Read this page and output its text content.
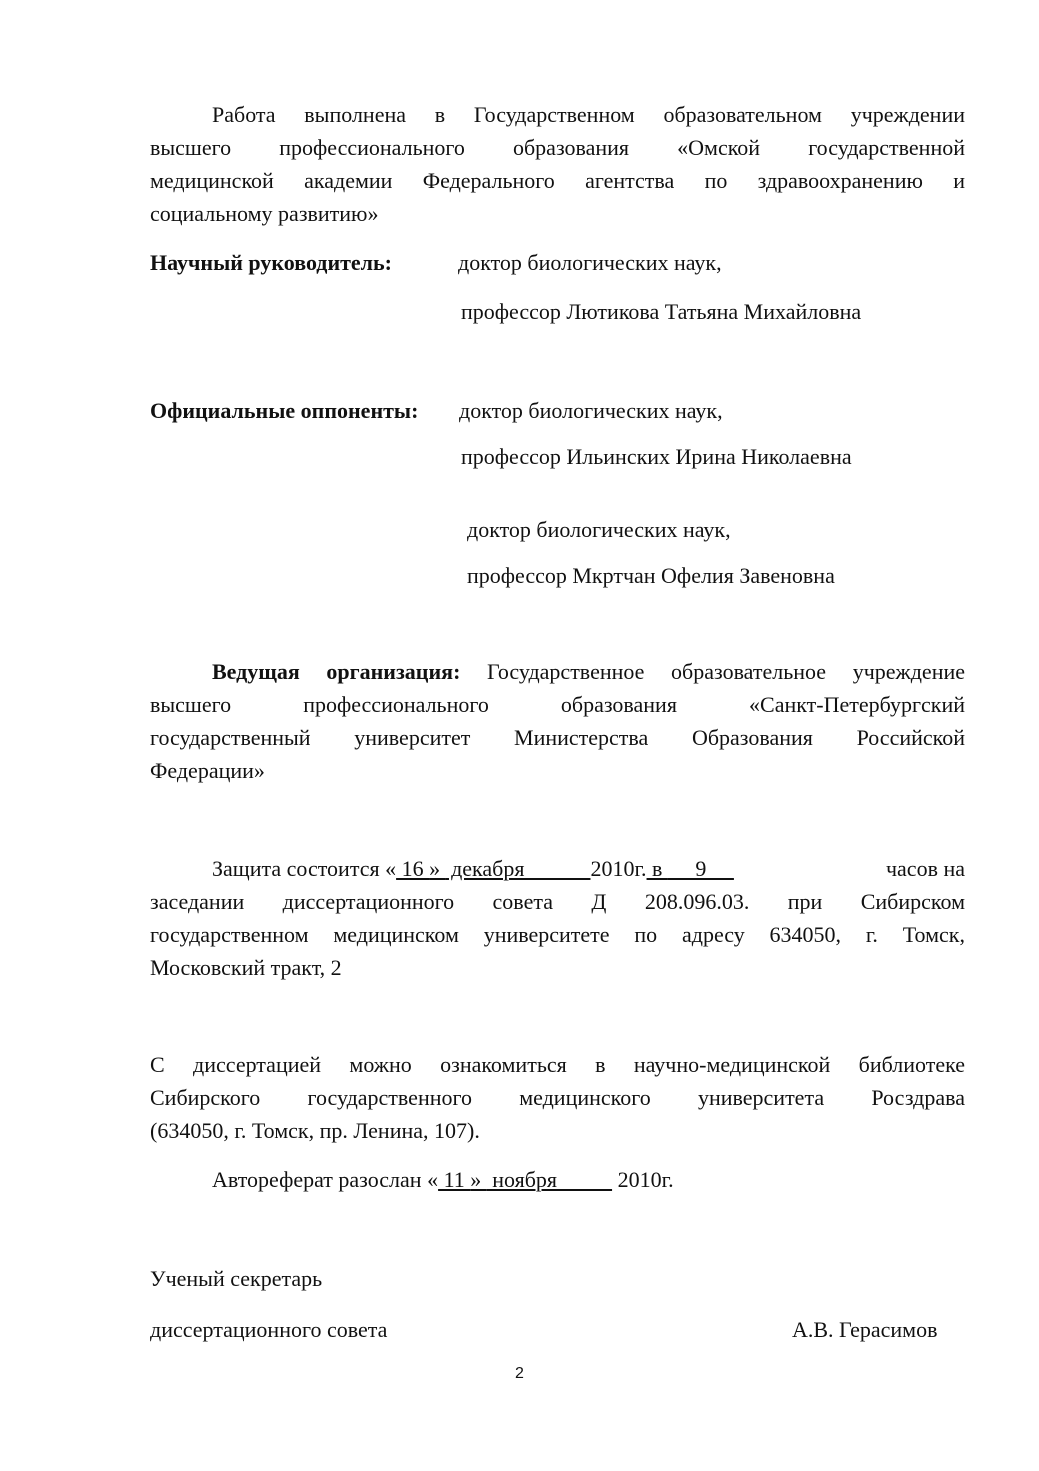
Работа выполнена в Государственном образовательном учреждении
высшего профессионального образования «Омской государственной
медицинской академии Федерального агентства по здравоохранению и
социальному развитию»
Научный руководитель:	доктор биологических наук,
профессор Лютикова Татьяна Михайловна
Официальные оппоненты: доктор биологических наук,
профессор Ильинских Ирина Николаевна
доктор биологических наук,
профессор Мкртчан Офелия Завеновна
Ведущая организация: Государственное образовательное учреждение
высшего профессионального образования «Санкт-Петербургский
государственный университет Министерства Образования Российской
Федерации»
Защита состоится « 16 »  декабря            2010г. в      9	часов на
заседании диссертационного совета Д 208.096.03. при Сибирском
государственном медицинском университете по адресу 634050, г. Томск,
Московский тракт, 2
С диссертацией можно ознакомиться в научно-медицинской библиотеке
Сибирского государственного медицинского университета Росздрава
(634050, г. Томск, пр. Ленина, 107).
Автореферат разослан « 11 »  ноября           2010г.
Ученый секретарь
диссертационного совета	А.В. Герасимов
2
